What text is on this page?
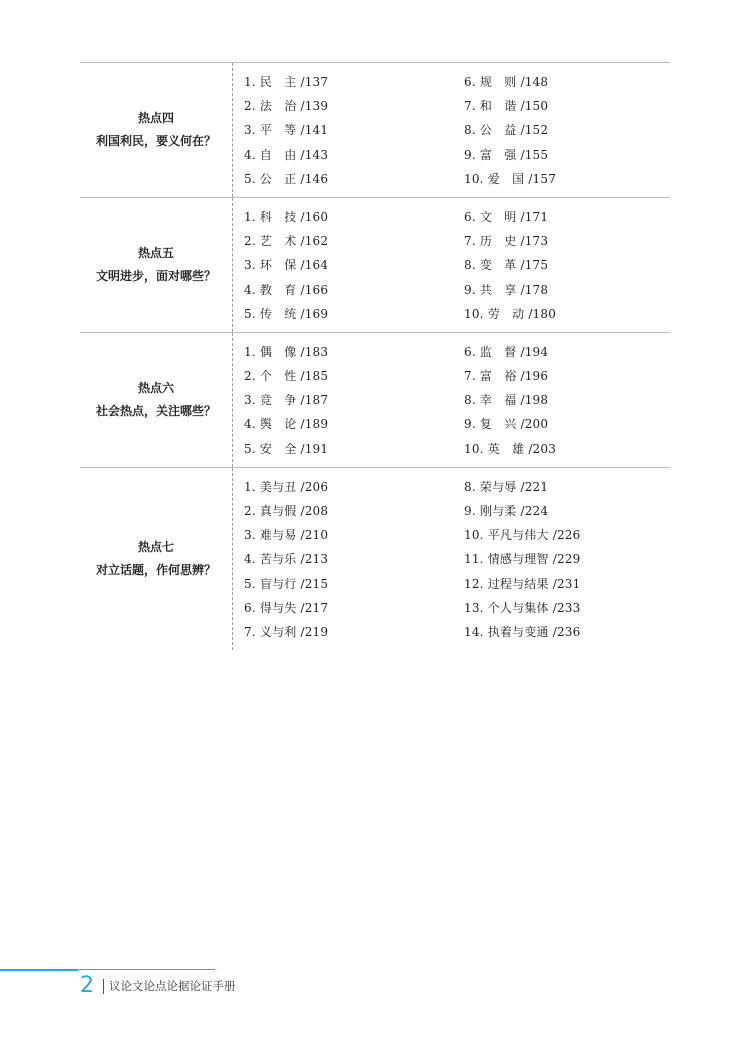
热点四
利国利民，要义何在？
1. 民　主 /137
2. 法　治 /139
3. 平　等 /141
4. 自　由 /143
5. 公　正 /146
6. 规　则 /148
7. 和　谐 /150
8. 公　益 /152
9. 富　强 /155
10. 爱　国 /157
热点五
文明进步，面对哪些？
1. 科　技 /160
2. 艺　术 /162
3. 环　保 /164
4. 教　育 /166
5. 传　统 /169
6. 文　明 /171
7. 历　史 /173
8. 变　革 /175
9. 共　享 /178
10. 劳　动 /180
热点六
社会热点，关注哪些？
1. 偶　像 /183
2. 个　性 /185
3. 竞　争 /187
4. 舆　论 /189
5. 安　全 /191
6. 监　督 /194
7. 富　裕 /196
8. 幸　福 /198
9. 复　兴 /200
10. 英　雄 /203
热点七
对立话题，作何思辨？
1. 美与丑 /206
2. 真与假 /208
3. 难与易 /210
4. 苦与乐 /213
5. 盲与行 /215
6. 得与失 /217
7. 义与利 /219
8. 荣与辱 /221
9. 刚与柔 /224
10. 平凡与伟大 /226
11. 情感与理智 /229
12. 过程与结果 /231
13. 个人与集体 /233
14. 执着与变通 /236
2 议论文论点论据论证手册
